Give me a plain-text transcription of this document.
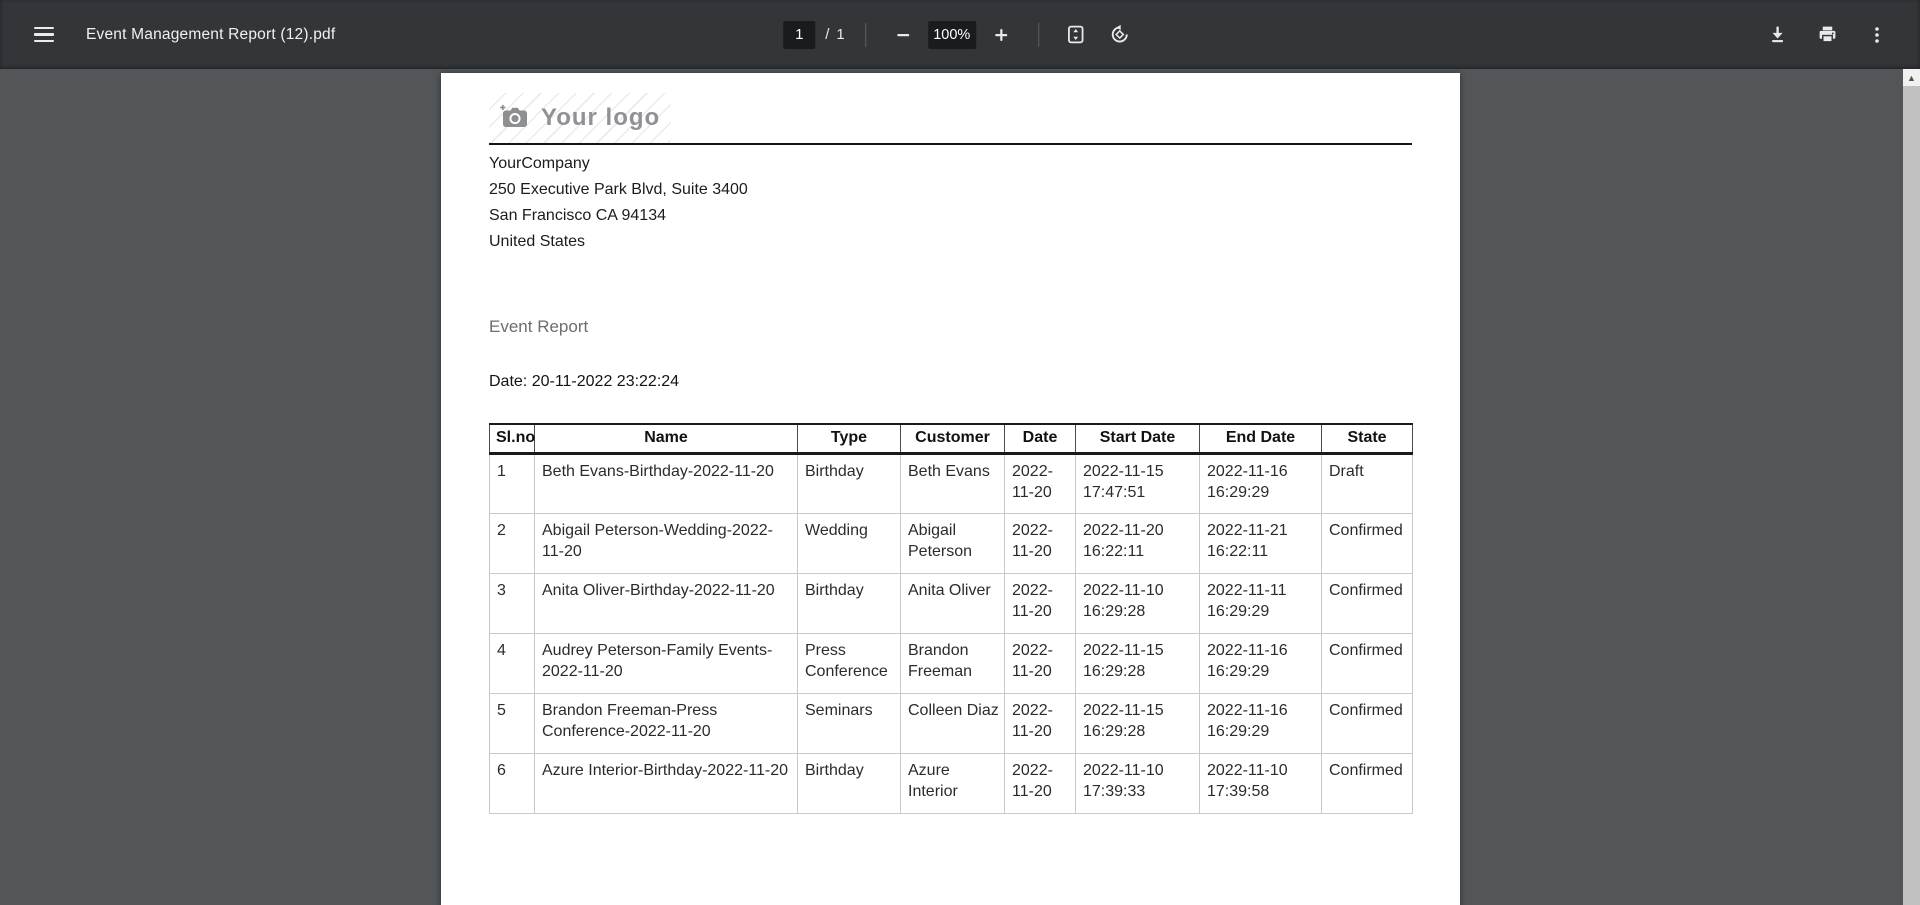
Event Management Report (12).pdf
1	/ 1	100%
Your logo
YourCompany
250 Executive Park Blvd, Suite 3400
San Francisco CA 94134
United States
Event Report
Date: 20-11-2022 23:22:24
Sl.no	Name	Type	Customer	Date	Start Date	End Date	State
1	Beth Evans-Birthday-2022-11-20	Birthday	Beth Evans	2022-11-20	2022-11-15 17:47:51	2022-11-16 16:29:29	Draft
2	Abigail Peterson-Wedding-2022-11-20	Wedding	Abigail Peterson	2022-11-20	2022-11-20 16:22:11	2022-11-21 16:22:11	Confirmed
3	Anita Oliver-Birthday-2022-11-20	Birthday	Anita Oliver	2022-11-20	2022-11-10 16:29:28	2022-11-11 16:29:29	Confirmed
4	Audrey Peterson-Family Events-2022-11-20	Press Conference	Brandon Freeman	2022-11-20	2022-11-15 16:29:28	2022-11-16 16:29:29	Confirmed
5	Brandon Freeman-Press Conference-2022-11-20	Seminars	Colleen Diaz	2022-11-20	2022-11-15 16:29:28	2022-11-16 16:29:29	Confirmed
6	Azure Interior-Birthday-2022-11-20	Birthday	Azure Interior	2022-11-20	2022-11-10 17:39:33	2022-11-10 17:39:58	Confirmed
▲
